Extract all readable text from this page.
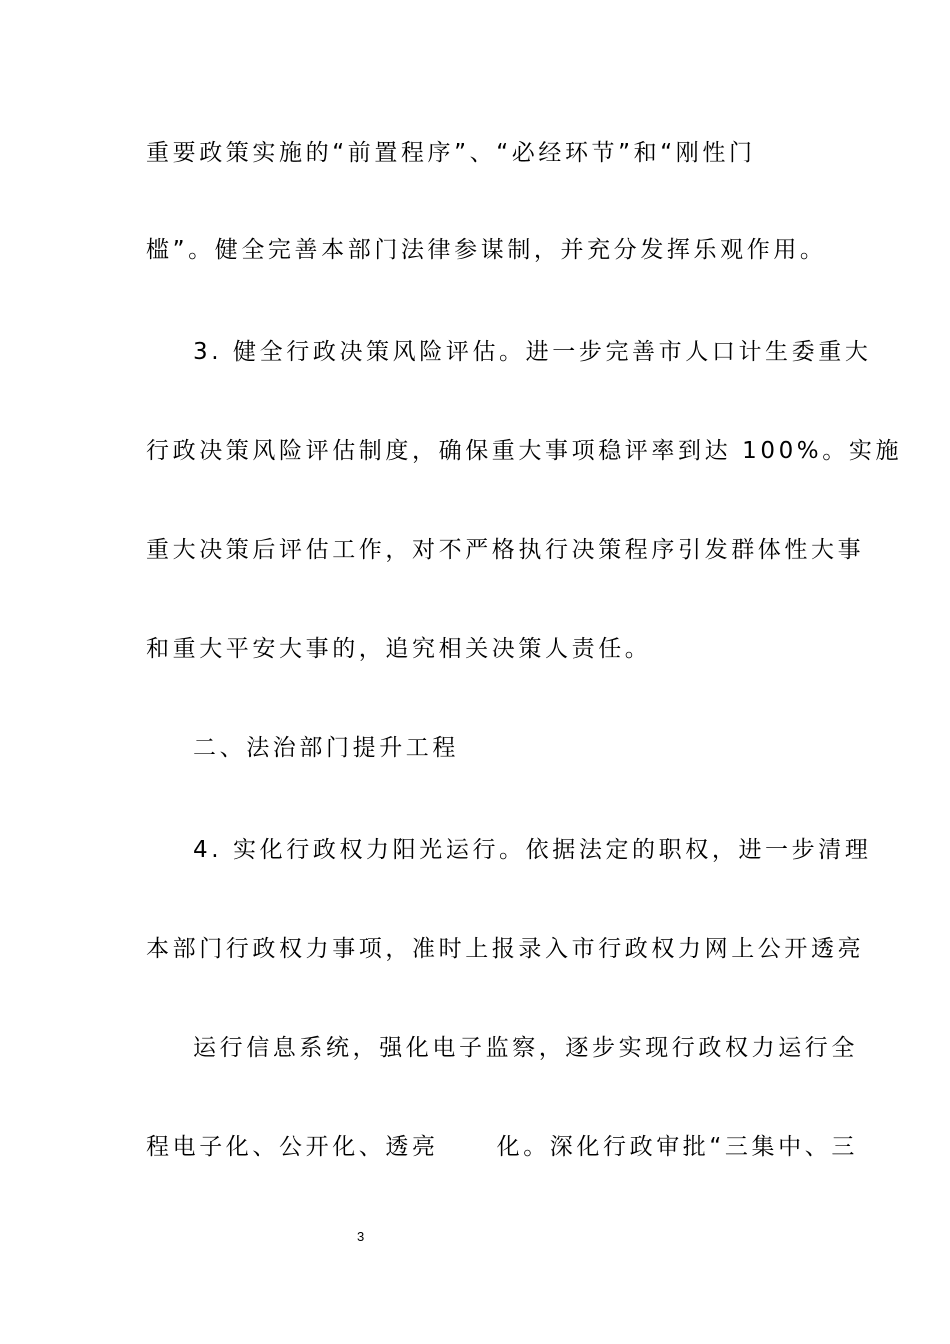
重要政策实施的“前置程序”、“必经环节”和“刚性门
槛”。健全完善本部门法律参谋制，并充分发挥乐观作用。
3. 健全行政决策风险评估。进一步完善市人口计生委重大
行政决策风险评估制度，确保重大事项稳评率到达 100%。实施
重大决策后评估工作，对不严格执行决策程序引发群体性大事
和重大平安大事的，追究相关决策人责任。
二、法治部门提升工程
4. 实化行政权力阳光运行。依据法定的职权，进一步清理
本部门行政权力事项，准时上报录入市行政权力网上公开透亮
运行信息系统，强化电子监察，逐步实现行政权力运行全
程电子化、公开化、透亮	化。深化行政审批“三集中、三
3
